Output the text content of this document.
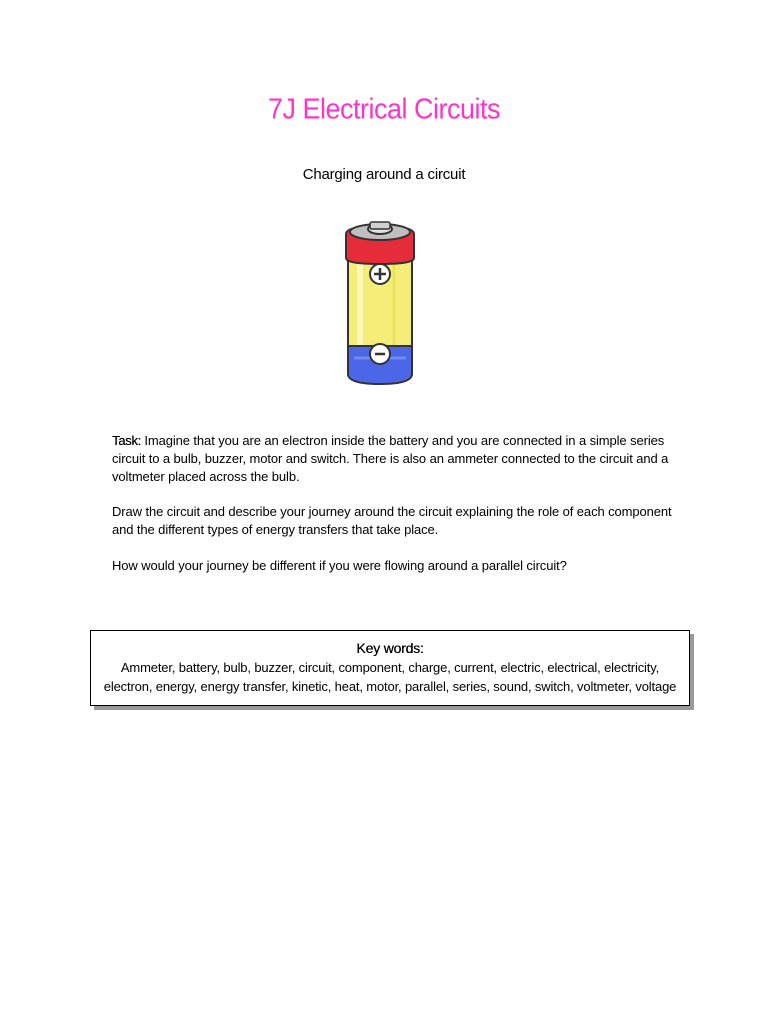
7J Electrical Circuits
Charging around a circuit

Task: Imagine that you are an electron inside the battery and you are connected in a simple series circuit to a bulb, buzzer, motor and switch. There is also an ammeter connected to the circuit and a voltmeter placed across the bulb.

Draw the circuit and describe your journey around the circuit explaining the role of each component and the different types of energy transfers that take place.

How would your journey be different if you were flowing around a parallel circuit?

Key words:
Ammeter, battery, bulb, buzzer, circuit, component, charge, current, electric, electrical, electricity, electron, energy, energy transfer, kinetic, heat, motor, parallel, series, sound, switch, voltmeter, voltage
